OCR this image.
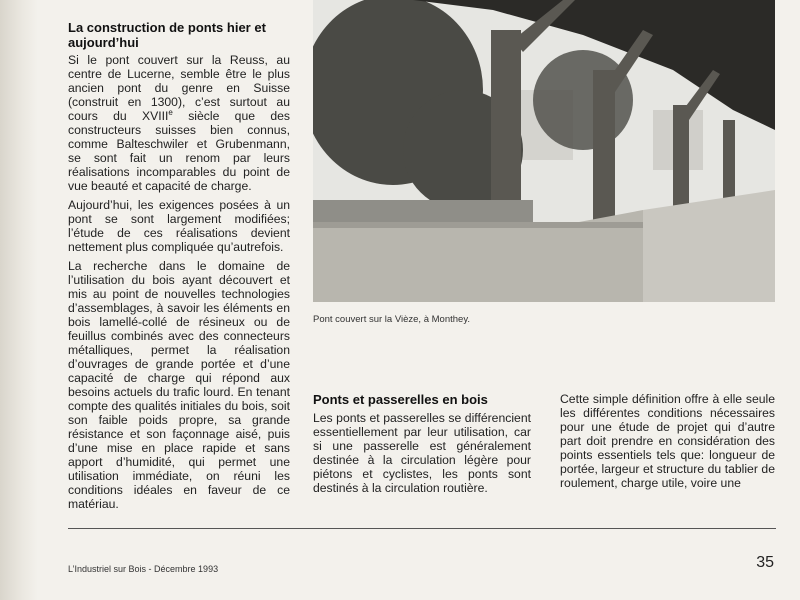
La construction de ponts hier et aujourd’hui

Si le pont couvert sur la Reuss, au centre de Lucerne, semble être le plus ancien pont du genre en Suisse (construit en 1300), c’est surtout au cours du XVIIIe siècle que des constructeurs suisses bien connus, comme Balteschwiler et Grubenmann, se sont fait un renom par leurs réalisations incomparables du point de vue beauté et capacité de charge.

Aujourd’hui, les exigences posées à un pont se sont largement modifiées; l’étude de ces réalisations devient nettement plus compliquée qu’autrefois.

La recherche dans le domaine de l’utilisation du bois ayant découvert et mis au point de nouvelles technologies d’assemblages, à savoir les éléments en bois lamellé-collé de résineux ou de feuillus combinés avec des connecteurs métalliques, permet la réalisation d’ouvrages de grande portée et d’une capacité de charge qui répond aux besoins actuels du trafic lourd. En tenant compte des qualités initiales du bois, soit son faible poids propre, sa grande résistance et son façonnage aisé, puis d’une mise en place rapide et sans apport d’humidité, qui permet une utilisation immédiate, on réuni les conditions idéales en faveur de ce matériau.

Pont couvert sur la Vièze, à Monthey.
Ponts et passerelles en bois

Les ponts et passerelles se différencient essentiellement par leur utilisation, car si une passerelle est généralement destinée à la circulation légère pour piétons et cyclistes, les ponts sont destinés à la circulation routière.

Cette simple définition offre à elle seule les différentes conditions nécessaires pour une étude de projet qui d’autre part doit prendre en considération des points essentiels tels que: longueur de portée, largeur et structure du tablier de roulement, charge utile, voire une

L’Industriel sur Bois - Décembre 1993	35
